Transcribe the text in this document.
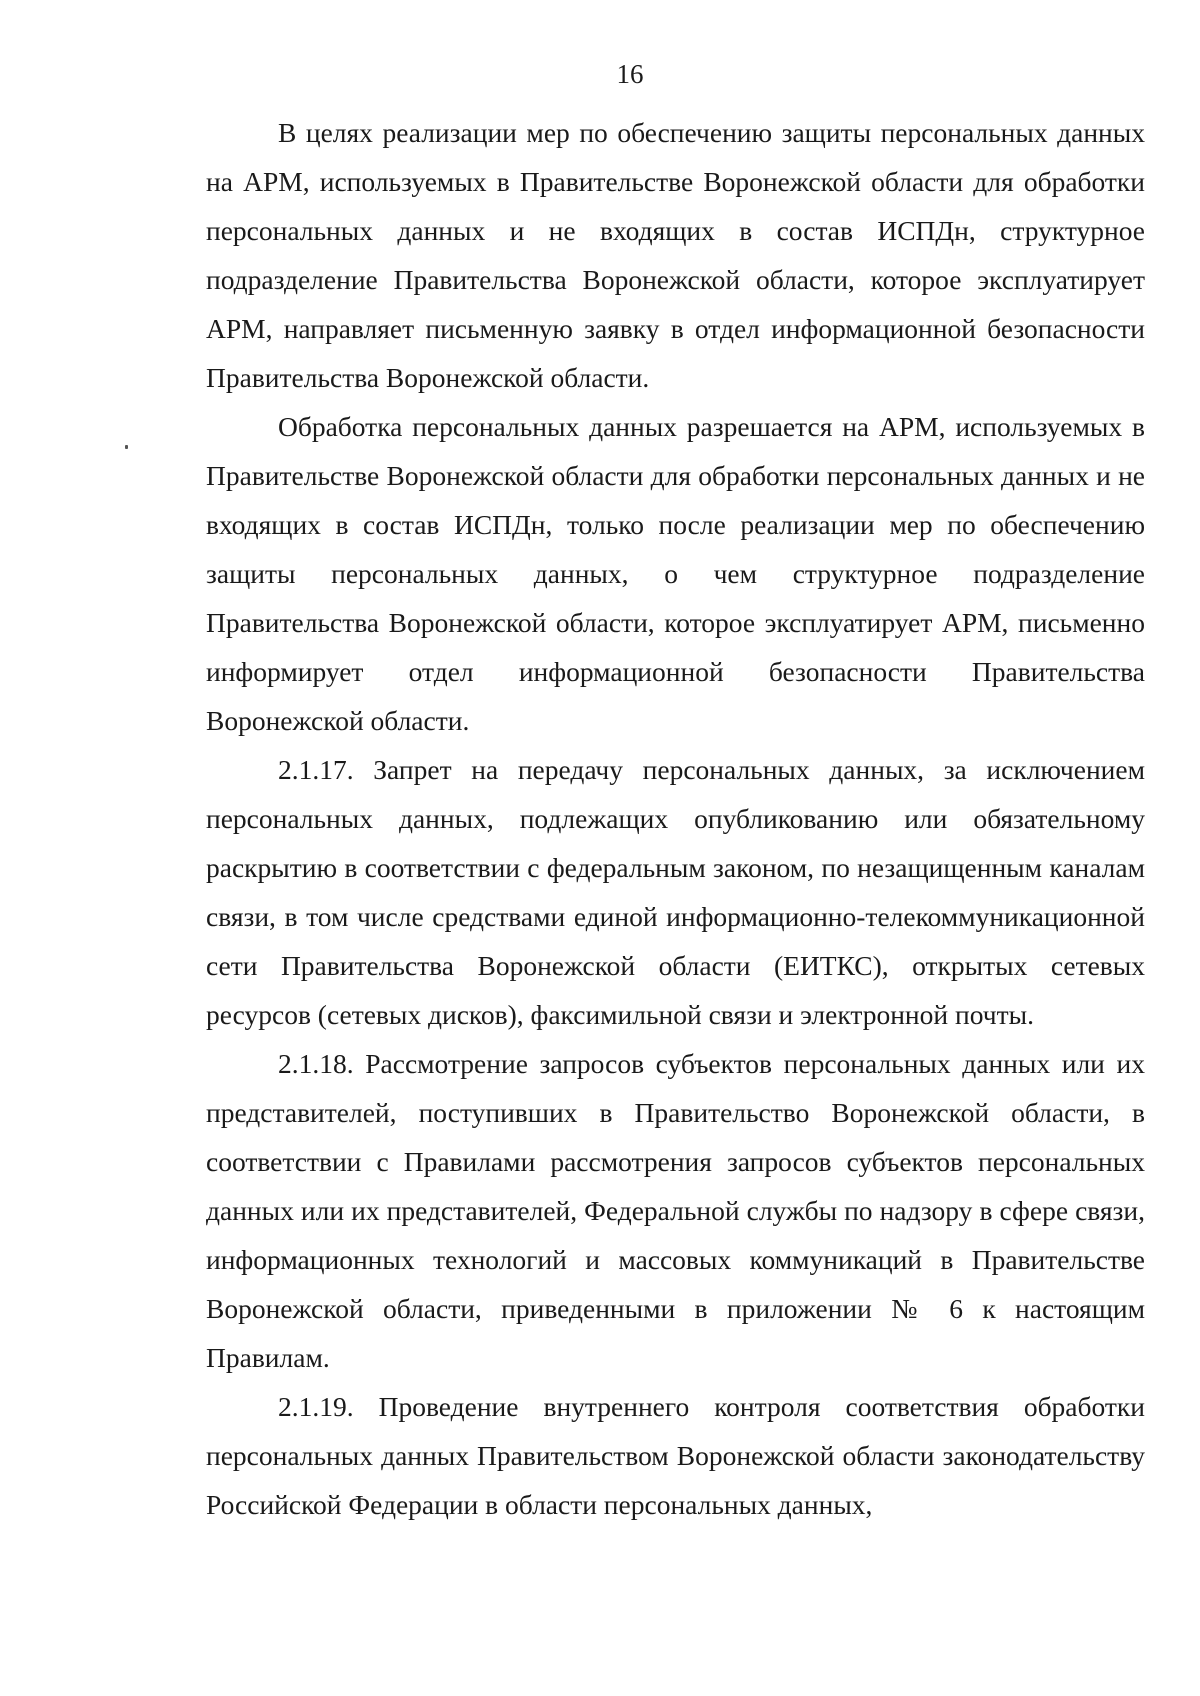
16

В целях реализации мер по обеспечению защиты персональных данных на АРМ, используемых в Правительстве Воронежской области для обработки персональных данных и не входящих в состав ИСПДн, структурное подразделение Правительства Воронежской области, которое эксплуатирует АРМ, направляет письменную заявку в отдел информационной безопасности Правительства Воронежской области.

Обработка персональных данных разрешается на АРМ, используемых в Правительстве Воронежской области для обработки персональных данных и не входящих в состав ИСПДн, только после реализации мер по обеспечению защиты персональных данных, о чем структурное подразделение Правительства Воронежской области, которое эксплуатирует АРМ, письменно информирует отдел информационной безопасности Правительства Воронежской области.

2.1.17. Запрет на передачу персональных данных, за исключением персональных данных, подлежащих опубликованию или обязательному раскрытию в соответствии с федеральным законом, по незащищенным каналам связи, в том числе средствами единой информационно-телекоммуникационной сети Правительства Воронежской области (ЕИТКС), открытых сетевых ресурсов (сетевых дисков), факсимильной связи и электронной почты.

2.1.18. Рассмотрение запросов субъектов персональных данных или их представителей, поступивших в Правительство Воронежской области, в соответствии с Правилами рассмотрения запросов субъектов персональных данных или их представителей, Федеральной службы по надзору в сфере связи, информационных технологий и массовых коммуникаций в Правительстве Воронежской области, приведенными в приложении № 6 к настоящим Правилам.

2.1.19. Проведение внутреннего контроля соответствия обработки персональных данных Правительством Воронежской области законодательству Российской Федерации в области персональных данных,
